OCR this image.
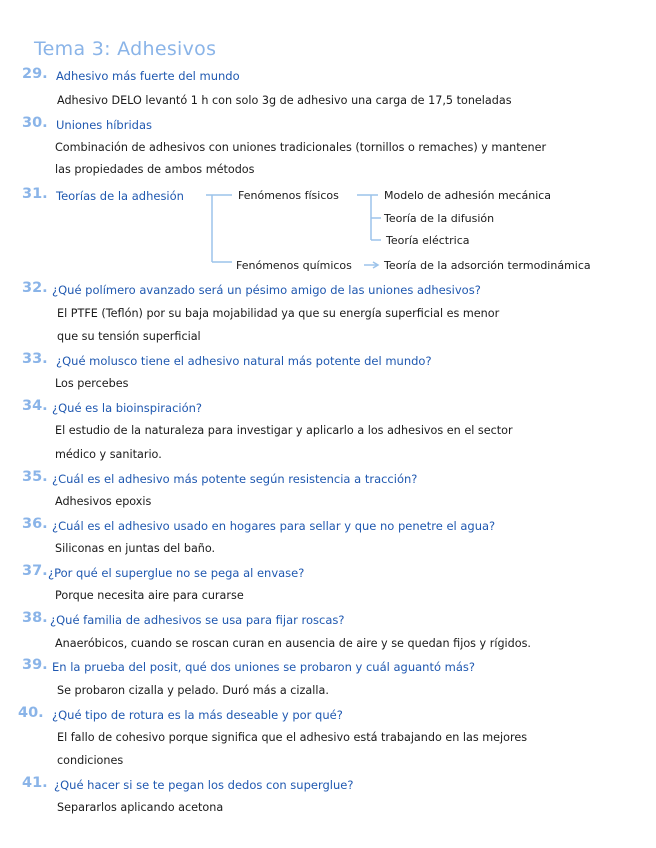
Tema 3: Adhesivos
29. Adhesivo más fuerte del mundo
Adhesivo DELO levantó 1 h con solo 3g de adhesivo una carga de 17,5 toneladas
30. Uniones híbridas
Combinación de adhesivos con uniones tradicionales (tornillos o remaches) y mantener
las propiedades de ambos métodos
31. Teorías de la adhesión	Fenómenos físicos	Modelo de adhesión mecánica
Teoría de la difusión
Teoría eléctrica
Fenómenos químicos	Teoría de la adsorción termodinámica
32. ¿Qué polímero avanzado será un pésimo amigo de las uniones adhesivos?
El PTFE (Teflón) por su baja mojabilidad ya que su energía superficial es menor
que su tensión superficial
33. ¿Qué molusco tiene el adhesivo natural más potente del mundo?
Los percebes
34. ¿Qué es la bioinspiración?
El estudio de la naturaleza para investigar y aplicarlo a los adhesivos en el sector
médico y sanitario.
35. ¿Cuál es el adhesivo más potente según resistencia a tracción?
Adhesivos epoxis
36. ¿Cuál es el adhesivo usado en hogares para sellar y que no penetre el agua?
Siliconas en juntas del baño.
37. ¿Por qué el superglue no se pega al envase?
Porque necesita aire para curarse
38. ¿Qué familia de adhesivos se usa para fijar roscas?
Anaeróbicos, cuando se roscan curan en ausencia de aire y se quedan fijos y rígidos.
39. En la prueba del posit, qué dos uniones se probaron y cuál aguantó más?
Se probaron cizalla y pelado. Duró más a cizalla.
40. ¿Qué tipo de rotura es la más deseable y por qué?
El fallo de cohesivo porque significa que el adhesivo está trabajando en las mejores
condiciones
41. ¿Qué hacer si se te pegan los dedos con superglue?
Separarlos aplicando acetona
